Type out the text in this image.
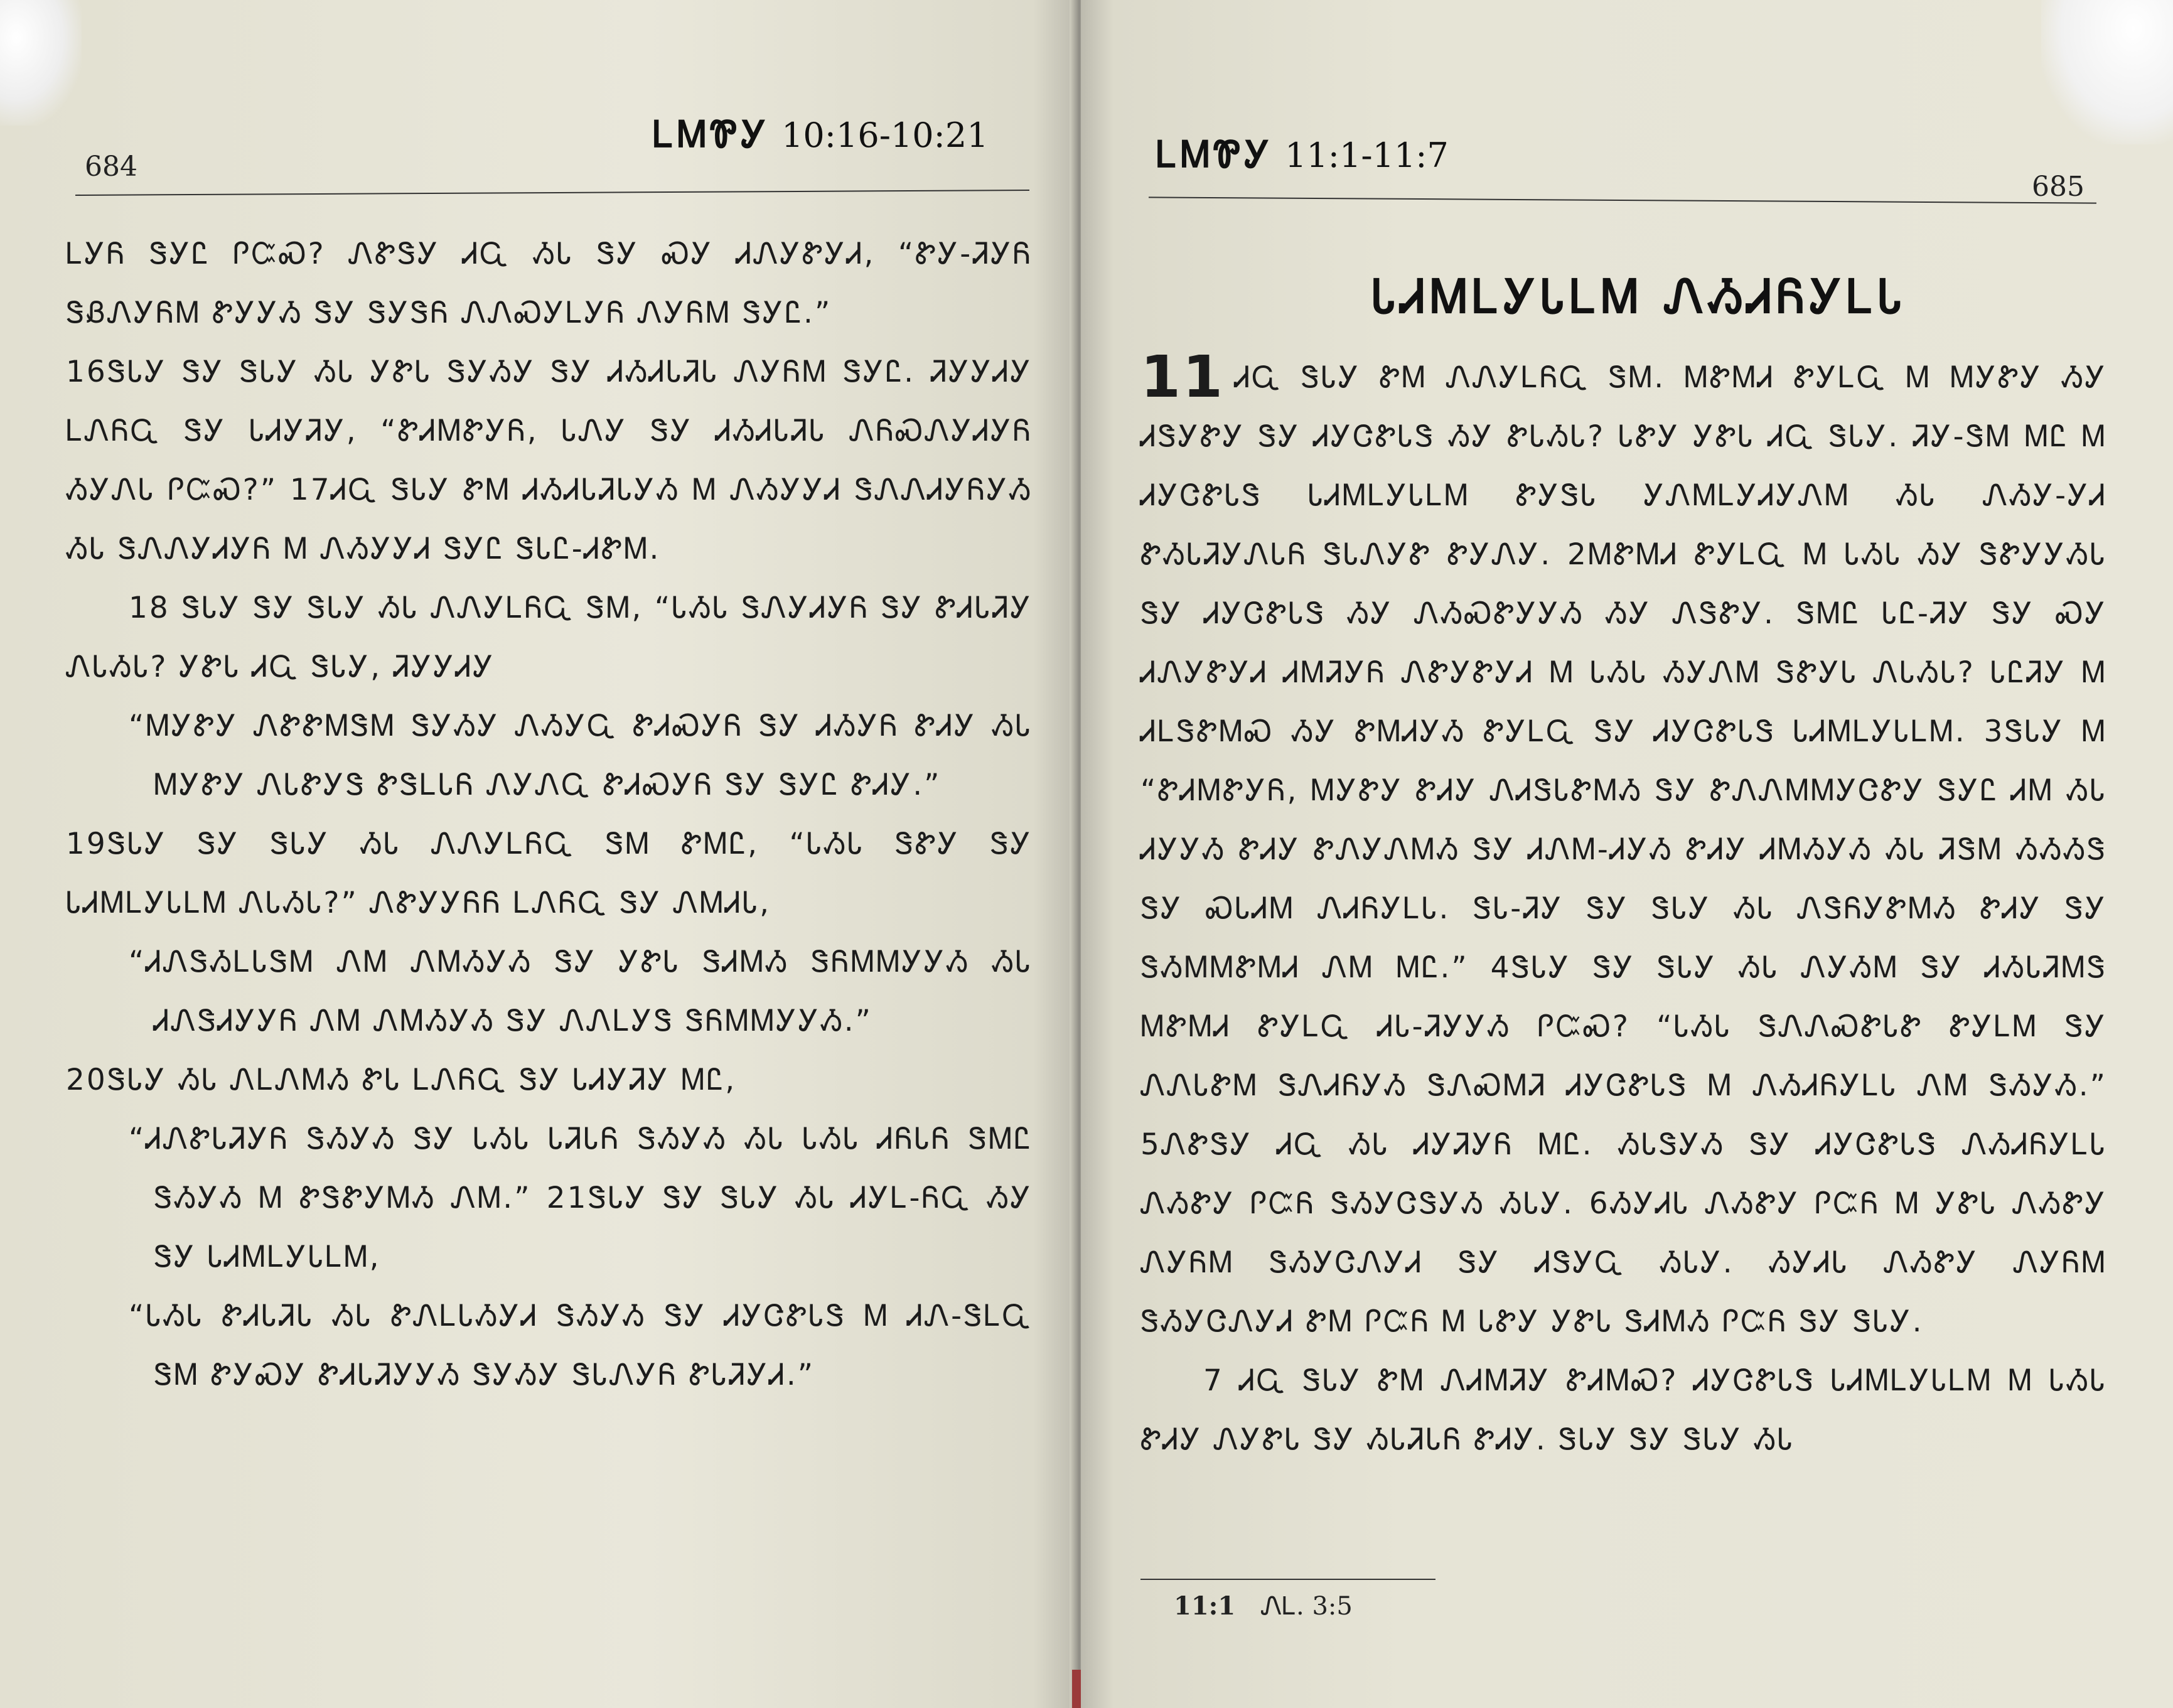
684
ᏞᎷᏈᎩ 10:16-10:21

ᏞᎩᏲ ᏕᎩᏝ ᎵᏨᏍ? ᏁᏑᏕᎩ ᏗᏩ ᏱᏓ ᏕᎩ ᏍᎩ ᏗᏁᎩᏑᎩᏗ, “ᏑᎩ-ᏘᎩᏲ ᏕᏰᏁᎩᏲᎷ ᏑᎩᎩᏱ ᏕᎩ ᏕᎩᏕᏲ ᏁᏁᏍᎩᏞᎩᏲ ᏁᎩᏲᎷ ᏕᎩᏝ.”

16ᏕᏓᎩ ᏕᎩ ᏕᏓᎩ ᏱᏓ ᎩᏑᏓ ᏕᎩᏱᎩ ᏕᎩ ᏗᏱᏗᏓᏘᏓ ᏁᎩᏲᎷ ᏕᎩᏝ. ᏘᎩᎩᏗᎩ ᏞᏁᏲᏩ ᏕᎩ ᏓᏗᎩᏘᎩ, “ᏑᏗᎷᏑᎩᏲ, ᏓᏁᎩ ᏕᎩ ᏗᏱᏗᏓᏘᏓ ᏁᏲᏍᏁᎩᏗᎩᏲ ᏱᎩᏁᏓ ᎵᏨᏍ?” 17ᏗᏩ ᏕᏓᎩ ᏑᎷ ᏗᏱᏗᏓᏘᏓᎩᏱ Ꮇ ᏁᏱᎩᎩᏗ ᏕᏁᏁᏗᎩᏲᎩᏱ ᏱᏓ ᏕᏁᏁᎩᏗᎩᏲ Ꮇ ᏁᏱᎩᎩᏗ ᏕᎩᏝ ᏕᏓᏝ-ᏗᏑᎷ.

18 ᏕᏓᎩ ᏕᎩ ᏕᏓᎩ ᏱᏓ ᏁᏁᎩᏞᏲᏩ ᏕᎷ, “ᏓᏱᏓ ᏕᏁᎩᏗᎩᏲ ᏕᎩ ᏑᏗᏓᏘᎩ ᏁᏓᏱᏓ? ᎩᏑᏓ ᏗᏩ ᏕᏓᎩ, ᏘᎩᎩᏗᎩ

“ᎷᎩᏑᎩ ᏁᏑᏑᎷᏕᎷ ᏕᎩᏱᎩ ᏁᏱᎩᏩ ᏑᏗᏍᎩᏲ ᏕᎩ ᏗᏱᎩᏲ ᏑᏗᎩ ᏱᏓ ᎷᎩᏑᎩ ᏁᏓᏑᎩᏕ ᏑᏕᏞᏓᏲ ᏁᎩᏁᏩ ᏑᏗᏍᎩᏲ ᏕᎩ ᏕᎩᏝ ᏑᏗᎩ.”

19ᏕᏓᎩ ᏕᎩ ᏕᏓᎩ ᏱᏓ ᏁᏁᎩᏞᏲᏩ ᏕᎷ ᏑᎷᏝ, “ᏓᏱᏓ ᏕᏑᎩ ᏕᎩ ᏓᏗᎷᏞᎩᏓᏞᎷ ᏁᏓᏱᏓ?” ᏁᏑᎩᎩᏲᏲ ᏞᏁᏲᏩ ᏕᎩ ᏁᎷᏗᏓ,

“ᏗᏁᏕᏱᏞᏓᏕᎷ ᏁᎷ ᏁᎷᏱᎩᏱ ᏕᎩ ᎩᏑᏓ ᏕᏗᎷᏱ ᏕᏲᎷᎷᎩᎩᏱ ᏱᏓ ᏗᏁᏕᏗᎩᎩᏲ ᏁᎷ ᏁᎷᏱᎩᏱ ᏕᎩ ᏁᏁᏞᎩᏕ ᏕᏲᎷᎷᎩᎩᏱ.”

20ᏕᏓᎩ ᏱᏓ ᏁᏞᏁᎷᏱ ᏑᏓ ᏞᏁᏲᏩ ᏕᎩ ᏓᏗᎩᏘᎩ ᎷᏝ,

“ᏗᏁᏑᏓᏘᎩᏲ ᏕᏱᎩᏱ ᏕᎩ ᏓᏱᏓ ᏓᏘᏓᏲ ᏕᏱᎩᏱ ᏱᏓ ᏓᏱᏓ ᏗᏲᏓᏲ ᏕᎷᏝ ᏕᏱᎩᏱ Ꮇ ᏑᏕᏑᎩᎷᏱ ᏁᎷ.” 21ᏕᏓᎩ ᏕᎩ ᏕᏓᎩ ᏱᏓ ᏗᎩᏞ-ᏲᏩ ᏱᎩ ᏕᎩ ᏓᏗᎷᏞᎩᏓᏞᎷ,

“ᏓᏱᏓ ᏑᏗᏓᏘᏓ ᏱᏓ ᏑᏁᏞᏓᏱᎩᏗ ᏕᏱᎩᏱ ᏕᎩ ᏗᎩᏣᏑᏓᏕ Ꮇ ᏗᏁ-ᏕᏞᏩ ᏕᎷ ᏑᎩᏍᎩ ᏑᏗᏓᏘᎩᎩᏱ ᏕᎩᏱᎩ ᏕᏓᏁᎩᏲ ᏑᏓᏘᎩᏗ.”

ᏞᎷᏈᎩ 11:1-11:7
685
ᏓᏗᎷᏞᎩᏓᏞᎷ ᏁᏱᏗᏲᎩᏞᏓ

11 ᏗᏩ ᏕᏓᎩ ᏑᎷ ᏁᏁᎩᏞᏲᏩ ᏕᎷ. ᎷᏑᎷᏗ ᏑᎩᏞᏩ Ꮇ ᎷᎩᏑᎩ ᏱᎩ ᏗᏕᎩᏑᎩ ᏕᎩ ᏗᎩᏣᏑᏓᏕ ᏱᎩ ᏑᏓᏱᏓ? ᏓᏑᎩ ᎩᏑᏓ ᏗᏩ ᏕᏓᎩ. ᏘᎩ-ᏕᎷ ᎷᏝ Ꮇ ᏗᎩᏣᏑᏓᏕ ᏓᏗᎷᏞᎩᏓᏞᎷ ᏑᎩᏕᏓ ᎩᏁᎷᏞᎩᏗᎩᏁᎷ ᏱᏓ ᏁᏱᎩ-ᎩᏗ ᏑᏱᏓᏘᎩᏁᏓᏲ ᏕᏓᏁᎩᏑ ᏑᎩᏁᎩ. 2ᎷᏑᎷᏗ ᏑᎩᏞᏩ Ꮇ ᏓᏱᏓ ᏱᎩ ᏕᏑᎩᎩᏱᏓ ᏕᎩ ᏗᎩᏣᏑᏓᏕ ᏱᎩ ᏁᏱᏍᏑᎩᎩᏱ ᏱᎩ ᏁᏕᏑᎩ. ᏕᎷᏝ ᏓᏝ-ᏘᎩ ᏕᎩ ᏍᎩ ᏗᏁᎩᏑᎩᏗ ᏗᎷᏘᎩᏲ ᏁᏑᎩᏑᎩᏗ Ꮇ ᏓᏱᏓ ᏱᎩᏁᎷ ᏕᏑᎩᏓ ᏁᏓᏱᏓ? ᏓᏝᏘᎩ Ꮇ ᏗᏞᏕᏑᎷᏍ ᏱᎩ ᏑᎷᏗᎩᏱ ᏑᎩᏞᏩ ᏕᎩ ᏗᎩᏣᏑᏓᏕ ᏓᏗᎷᏞᎩᏓᏞᎷ. 3ᏕᏓᎩ Ꮇ “ᏑᏗᎷᏑᎩᏲ, ᎷᎩᏑᎩ ᏑᏗᎩ ᏁᏗᏕᏓᏑᎷᏱ ᏕᎩ ᏑᏁᏁᎷᎷᎩᏣᏑᎩ ᏕᎩᏝ ᏗᎷ ᏱᏓ ᏗᎩᎩᏱ ᏑᏗᎩ ᏑᏁᎩᏁᎷᏱ ᏕᎩ ᏗᏁᎷ-ᏗᎩᏱ ᏑᏗᎩ ᏗᎷᏱᎩᏱ ᏱᏓ ᏘᏕᎷ ᏱᏱᏱᏕ ᏕᎩ ᏍᏓᏗᎷ ᏁᏗᏲᎩᏞᏓ. ᏕᏓ-ᏘᎩ ᏕᎩ ᏕᏓᎩ ᏱᏓ ᏁᏕᏲᎩᏑᎷᏱ ᏑᏗᎩ ᏕᎩ ᏕᏱᎷᎷᏑᎷᏗ ᏁᎷ ᎷᏝ.” 4ᏕᏓᎩ ᏕᎩ ᏕᏓᎩ ᏱᏓ ᏁᎩᏱᎷ ᏕᎩ ᏗᏱᏓᏘᎷᏕ ᎷᏑᎷᏗ ᏑᎩᏞᏩ ᏗᏓ-ᏘᎩᎩᏱ ᎵᏨᏍ? “ᏓᏱᏓ ᏕᏁᏁᏍᏑᏓᏑ ᏑᎩᏞᎷ ᏕᎩ ᏁᏁᏓᏑᎷ ᏕᏁᏗᏲᎩᏱ ᏕᏁᏍᎷᏘ ᏗᎩᏣᏑᏓᏕ Ꮇ ᏁᏱᏗᏲᎩᏞᏓ ᏁᎷ ᏕᏱᎩᏱ.” 5ᏁᏑᏕᎩ ᏗᏩ ᏱᏓ ᏗᎩᏘᎩᏲ ᎷᏝ. ᏱᏓᏕᎩᏱ ᏕᎩ ᏗᎩᏣᏑᏓᏕ ᏁᏱᏗᏲᎩᏞᏓ ᏁᏱᏑᎩ ᎵᏨᏲ ᏕᏱᎩᏣᏕᎩᏱ ᏱᏓᎩ. 6ᏱᎩᏗᏓ ᏁᏱᏑᎩ ᎵᏨᏲ Ꮇ ᎩᏑᏓ ᏁᏱᏑᎩ ᏁᎩᏲᎷ ᏕᏱᎩᏣᏁᎩᏗ ᏕᎩ ᏗᏕᎩᏩ ᏱᏓᎩ. ᏱᎩᏗᏓ ᏁᏱᏑᎩ ᏁᎩᏲᎷ ᏕᏱᎩᏣᏁᎩᏗ ᏑᎷ ᎵᏨᏲ Ꮇ ᏓᏑᎩ ᎩᏑᏓ ᏕᏗᎷᏱ ᎵᏨᏲ ᏕᎩ ᏕᏓᎩ.

7 ᏗᏩ ᏕᏓᎩ ᏑᎷ ᏁᏗᎷᏘᎩ ᏑᏗᎷᏍ? ᏗᎩᏣᏑᏓᏕ ᏓᏗᎷᏞᎩᏓᏞᎷ Ꮇ ᏓᏱᏓ ᏑᏗᎩ ᏁᎩᏑᏓ ᏕᎩ ᏱᏓᏘᏓᏲ ᏑᏗᎩ. ᏕᏓᎩ ᏕᎩ ᏕᏓᎩ ᏱᏓ

11:1 ᏁᏞ. 3:5
